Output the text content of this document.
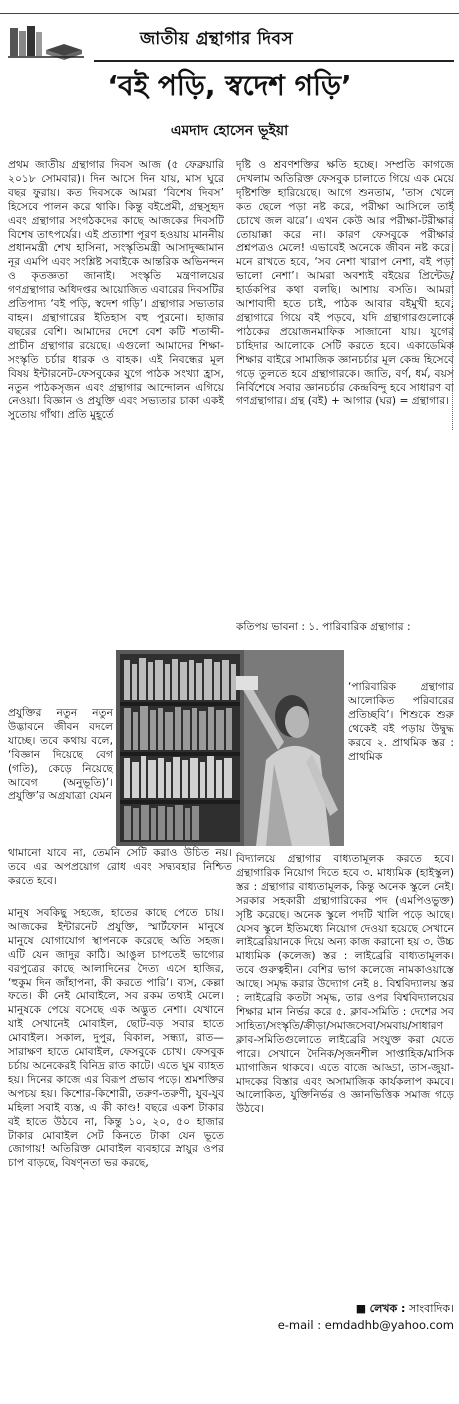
জাতীয় গ্রন্থাগার দিবস
‘বই পড়ি, স্বদেশ গড়ি’
এমদাদ হোসেন ভূইয়া

প্রথম জাতীয় গ্রন্থাগার দিবস আজ (৫ ফেব্রুয়ারি ২০১৮ সোমবার)। দিন আসে দিন যায়, মাস ঘুরে বছর ফুরায়। কত দিবসকে আমরা ‘বিশেষ দিবস’ হিসেবে পালন করে থাকি। কিন্তু বইপ্রেমী, গ্রন্থসুহৃদ এবং গ্রন্থাগার সংগঠকদের কাছে আজকের দিবসটি বিশেষ তাৎপর্যের। এই প্রত্যাশা পূরণ হওয়ায় মাননীয় প্রধানমন্ত্রী শেখ হাসিনা, সংস্কৃতিমন্ত্রী আসাদুজ্জামান নূর এমপি এবং সংশ্লিষ্ট সবাইকে আন্তরিক অভিনন্দন ও কৃতজ্ঞতা জানাই। সংস্কৃতি মন্ত্রণালয়ের গণগ্রন্থাগার অধিদপ্তর আয়োজিত এবারের দিবসটির প্রতিপাদ্য ‘বই পড়ি, স্বদেশ গড়ি’। গ্রন্থাগার সভ্যতার বাহন। গ্রন্থাগারের ইতিহাস বহু পুরনো। হাজার বছরের বেশি। আমাদের দেশে বেশ কটি শতাব্দী-প্রাচীন গ্রন্থাগার রয়েছে। এগুলো আমাদের শিক্ষা-সংস্কৃতি চর্চার ধারক ও বাহক। এই নিবন্ধের মূল বিষয় ইন্টারনেট-ফেসবুকের যুগে পাঠক সংখ্যা হ্রাস, নতুন পাঠকসৃজন এবং গ্রন্থাগার আন্দোলন এগিয়ে নেওয়া। বিজ্ঞান ও প্রযুক্তি এবং সভ্যতার চাকা একই সুতোয় গাঁথা। প্রতি মুহূর্তে

দৃষ্টি ও শ্রবণশক্তির ক্ষতি হচ্ছে। সম্প্রতি কাগজে দেখলাম অতিরিক্ত ফেসবুক চালাতে গিয়ে এক মেয়ে দৃষ্টিশক্তি হারিয়েছে। আগে শুনতাম, ‘তাস খেলে কত ছেলে পড়া নষ্ট করে, পরীক্ষা আসিলে তাই চোখে জল ঝরে’। এখন কেউ আর পরীক্ষা-টরীক্ষার তোয়াক্কা করে না। কারণ ফেসবুকে পরীক্ষার প্রশ্নপত্রও মেলে! এভাবেই অনেকে জীবন নষ্ট করে। মনে রাখতে হবে, ‘সব নেশা খারাপ নেশা, বই পড়া ভালো নেশা’। আমরা অবশ্যই বইয়ের প্রিন্টেড/হার্ডকপির কথা বলছি। আশায় বসতি। আমরা আশাবাদী হতে চাই, পাঠক আবার বইমুখী হবে, গ্রন্থাগারে গিয়ে বই পড়বে, যদি গ্রন্থাগারগুলোকে পাঠকের প্রয়োজনমাফিক সাজানো যায়। যুগের চাহিদার আলোকে সেটি করতে হবে। একাডেমিক শিক্ষার বাইরে সামাজিক জ্ঞানচর্চার মূল কেন্দ্র হিসেবে গড়ে তুলতে হবে গ্রন্থাগারকে। জাতি, বর্ণ, ধর্ম, বয়স নির্বিশেষে সবার জ্ঞানচর্চার কেন্দ্রবিন্দু হবে সাধারণ বা গণগ্রন্থাগার। গ্রন্থ (বই) + আগার (ঘর) = গ্রন্থাগার।

কতিপয় ভাবনা : ১. পারিবারিক গ্রন্থাগার :

প্রযুক্তির নতুন নতুন উদ্ভাবনে জীবন বদলে যাচ্ছে। তবে কথায় বলে, ‘বিজ্ঞান দিয়েছে বেগ (গতি), কেড়ে নিয়েছে আবেগ (অনুভূতি)’। প্রযুক্তি’র অগ্রযাত্রা যেমন

‘পারিবারিক গ্রন্থাগার আলোকিত পরিবারের প্রতিচ্ছবি’। শিশুকে শুরু থেকেই বই পড়ায় উদ্বুদ্ধ করবে ২. প্রাথমিক স্তর : প্রাথমিক

থামানো যাবে না, তেমনি সেটি করাও উচিত নয়। তবে এর অপপ্রয়োগ রোধ এবং সদ্ব্যবহার নিশ্চিত করতে হবে।

মানুষ সবকিছু সহজে, হাতের কাছে পেতে চায়। আজকের ইন্টারনেট প্রযুক্তি, স্মার্টফোন মানুষে মানুষে যোগাযোগ স্থাপনকে করেছে অতি সহজ। এটি যেন জাদুর কাঠি। আঙুল চাপতেই ভাগ্যের বরপুত্রের কাছে আলাদিনের দৈত্য এসে হাজির, ‘হুকুম দিন জাঁহাপনা, কী করতে পারি’। ব্যস, কেল্লা ফতে। কী নেই মোবাইলে, সব রকম তথ্যই মেলে। মানুষকে পেয়ে বসেছে এক অদ্ভুত নেশা। যেখানে যাই সেখানেই মোবাইল, ছোট-বড় সবার হাতে মোবাইল। সকাল, দুপুর, বিকাল, সন্ধ্যা, রাত—সারাক্ষণ হাতে মোবাইল, ফেসবুকে চোখ। ফেসবুক চর্চায় অনেকেরই বিনিদ্র রাত কাটে। এতে ঘুম ব্যাহত হয়। দিনের কাজে এর বিরূপ প্রভাব পড়ে। শ্রমশক্তির অপচয় হয়। কিশোর-কিশোরী, তরুণ-তরুণী, যুব-যুব মহিলা সবাই ব্যস্ত, এ কী কাণ্ড! বছরে একশ টাকার বই হাতে উঠবে না, কিন্তু ১০, ২০, ৫০ হাজার টাকার মোবাইল সেট কিনতে টাকা যেন ভূতে জোগায়! অতিরিক্ত মোবাইল ব্যবহারে স্নায়ুর ওপর চাপ বাড়ছে, বিষণ্নতা ভর করছে,

বিদ্যালয়ে গ্রন্থাগার বাধ্যতামূলক করতে হবে। গ্রন্থাগারিক নিয়োগ দিতে হবে ৩. মাধ্যমিক (হাইস্কুল) স্তর : গ্রন্থাগার বাধ্যতামূলক, কিন্তু অনেক স্কুলে নেই। সরকার সহকারী গ্রন্থাগারিকের পদ (এমপিওভুক্ত) সৃষ্টি করেছে। অনেক স্কুলে পদটি খালি পড়ে আছে। যেসব স্কুলে ইতিমধ্যে নিয়োগ দেওয়া হয়েছে সেখানে লাইব্রেরিয়ানকে দিয়ে অন্য কাজ করানো হয় ৩. উচ্চ মাধ্যমিক (কলেজ) স্তর : লাইব্রেরি বাধ্যতামূলক। তবে গুরুত্বহীন। বেশির ভাগ কলেজে নামকাওয়াস্তে আছে। সমৃদ্ধ করার উদ্যোগ নেই ৪. বিশ্ববিদ্যালয় স্তর : লাইব্রেরি কতটা সমৃদ্ধ, তার ওপর বিশ্ববিদ্যালয়ের শিক্ষার মান নির্ভর করে ৫. ক্লাব-সমিতি : দেশের সব সাহিত্য/সংস্কৃতি/ক্রীড়া/সমাজসেবা/সমবায়/সাধারণ ক্লাব-সমিতিগুলোতে লাইব্রেরি সংযুক্ত করা যেতে পারে। সেখানে দৈনিক/সৃজনশীল সাপ্তাহিক/মাসিক ম্যাগাজিন থাকবে। এতে বাজে আড্ডা, তাস-জুয়া-মাদকের বিস্তার এবং অসামাজিক কার্যকলাপ কমবে। আলোকিত, যুক্তিনির্ভর ও জ্ঞানভিত্তিক সমাজ গড়ে উঠবে।

■ লেখক : সাংবাদিক।
e-mail : emdadhb@yahoo.com
